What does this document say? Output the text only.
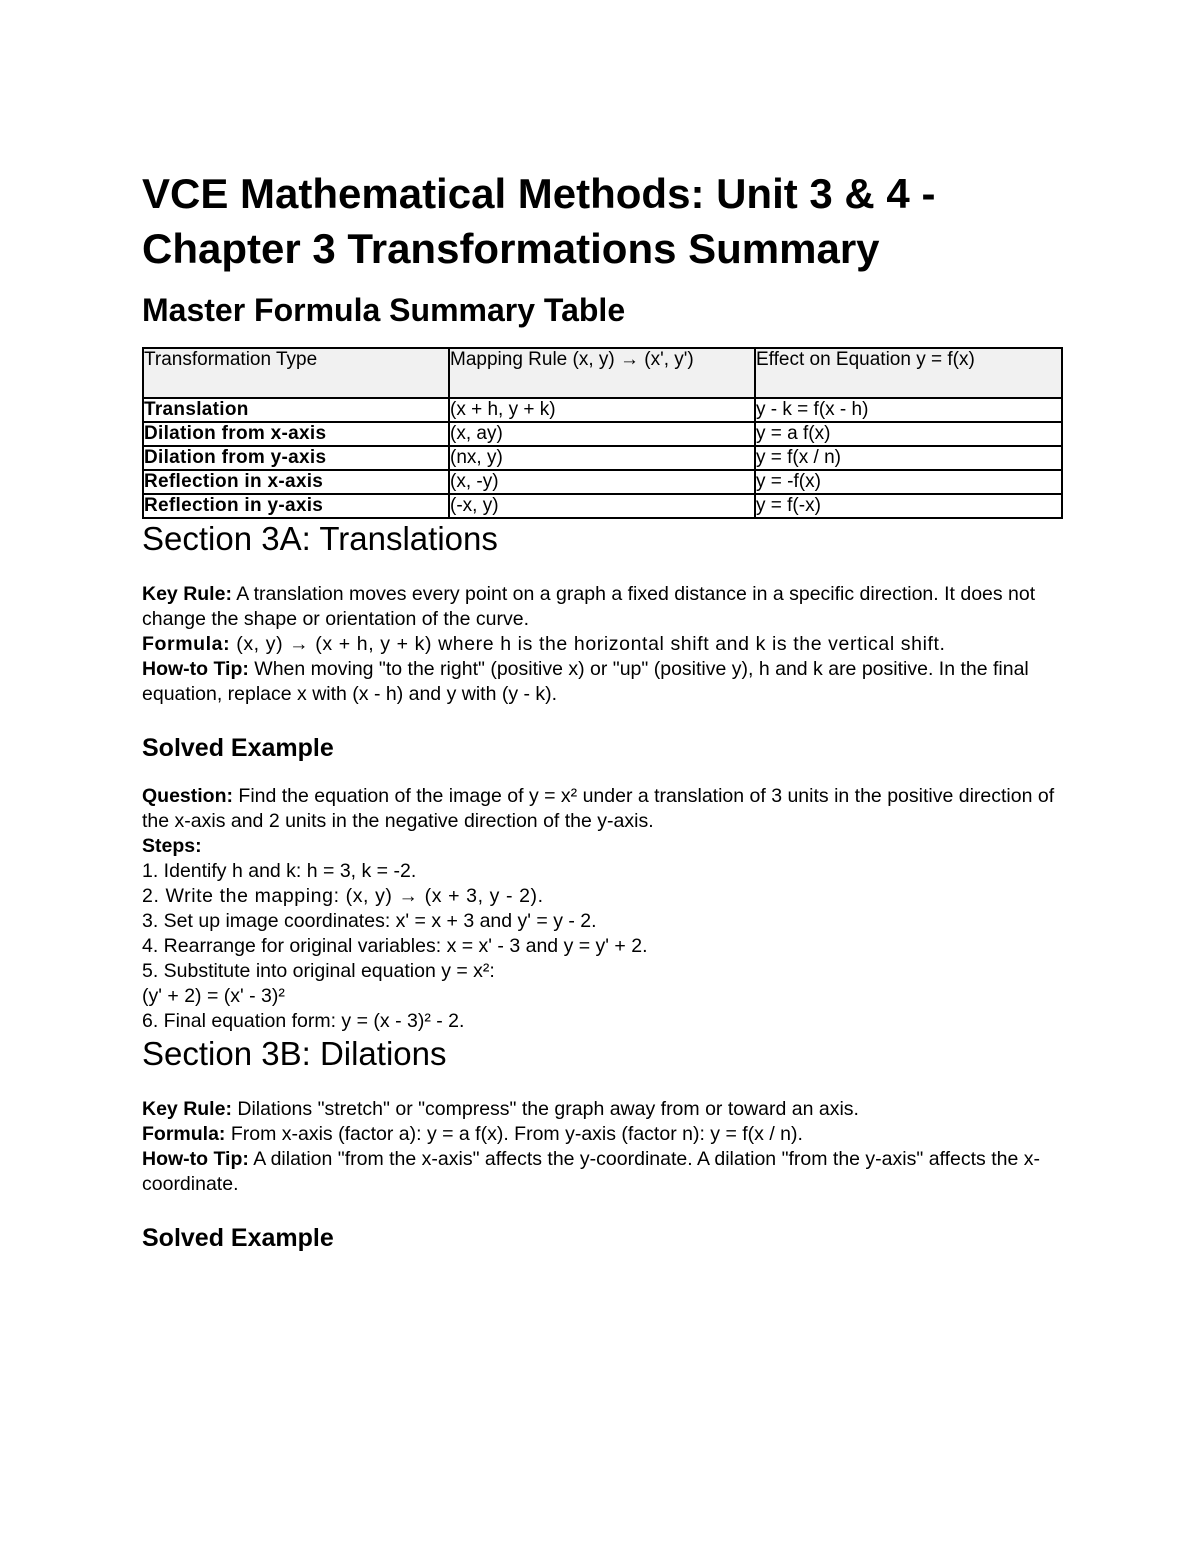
VCE Mathematical Methods: Unit 3 & 4 -
Chapter 3 Transformations Summary
Master Formula Summary Table
Transformation Type	Mapping Rule (x, y) → (x', y')	Effect on Equation y = f(x)
Translation	(x + h, y + k)	y - k = f(x - h)
Dilation from x-axis	(x, ay)	y = a f(x)
Dilation from y-axis	(nx, y)	y = f(x / n)
Reflection in x-axis	(x, -y)	y = -f(x)
Reflection in y-axis	(-x, y)	y = f(-x)
Section 3A: Translations

Key Rule: A translation moves every point on a graph a fixed distance in a specific direction. It does not change the shape or orientation of the curve.

Formula: (x, y) → (x + h, y + k) where h is the horizontal shift and k is the vertical shift.

How-to Tip: When moving "to the right" (positive x) or "up" (positive y), h and k are positive. In the final equation, replace x with (x - h) and y with (y - k).

Solved Example

Question: Find the equation of the image of y = x² under a translation of 3 units in the positive direction of the x-axis and 2 units in the negative direction of the y-axis.

Steps:

1. Identify h and k: h = 3, k = -2.

2. Write the mapping: (x, y) → (x + 3, y - 2).

3. Set up image coordinates: x' = x + 3 and y' = y - 2.

4. Rearrange for original variables: x = x' - 3 and y = y' + 2.

5. Substitute into original equation y = x²:

(y' + 2) = (x' - 3)²

6. Final equation form: y = (x - 3)² - 2.

Section 3B: Dilations

Key Rule: Dilations "stretch" or "compress" the graph away from or toward an axis.

Formula: From x-axis (factor a): y = a f(x). From y-axis (factor n): y = f(x / n).

How-to Tip: A dilation "from the x-axis" affects the y-coordinate. A dilation "from the y-axis" affects the x-coordinate.

Solved Example
